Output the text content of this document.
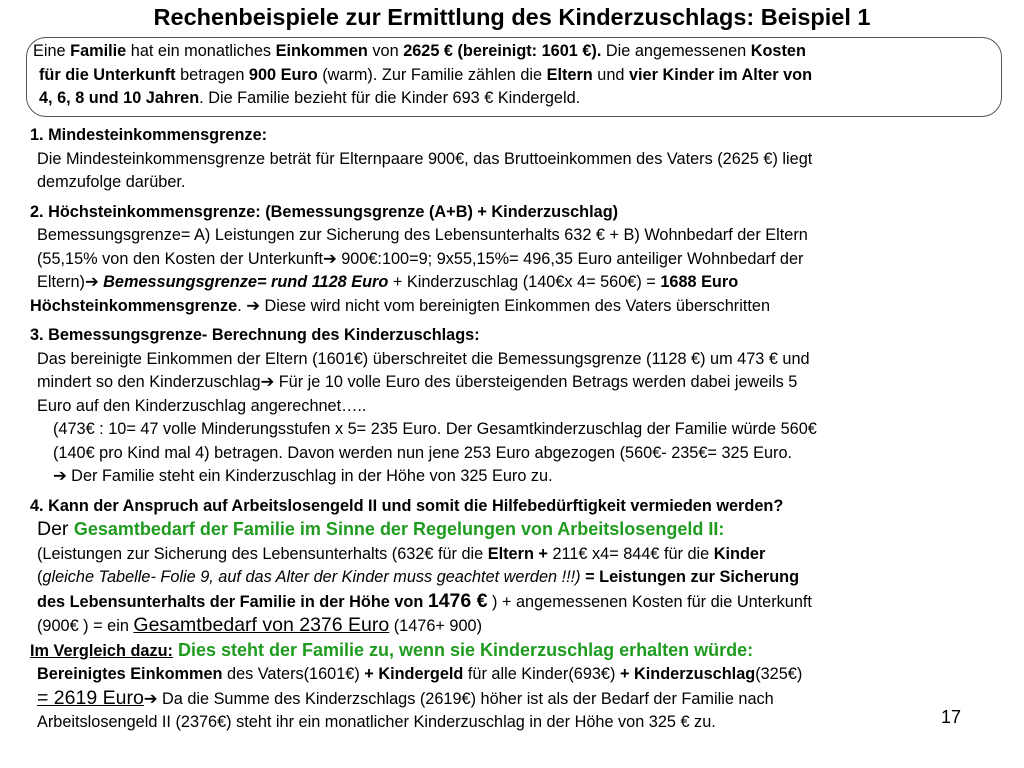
Rechenbeispiele zur Ermittlung des Kinderzuschlags: Beispiel 1
Eine Familie hat ein monatliches Einkommen von 2625 € (bereinigt: 1601 €). Die angemessenen Kosten
für die Unterkunft betragen 900 Euro (warm). Zur Familie zählen die Eltern und vier Kinder im Alter von
4, 6, 8 und 10 Jahren. Die Familie bezieht für die Kinder 693 € Kindergeld.
1. Mindesteinkommensgrenze:
Die Mindesteinkommensgrenze beträt für Elternpaare 900€, das Bruttoeinkommen des Vaters (2625 €) liegt
demzufolge darüber.
2. Höchsteinkommensgrenze: (Bemessungsgrenze (A+B) + Kinderzuschlag)
Bemessungsgrenze= A) Leistungen zur Sicherung des Lebensunterhalts 632 € + B) Wohnbedarf der Eltern
(55,15% von den Kosten der Unterkunft➔ 900€:100=9; 9x55,15%= 496,35 Euro anteiliger Wohnbedarf der
Eltern)➔ Bemessungsgrenze= rund 1128 Euro + Kinderzuschlag (140€x 4= 560€) = 1688 Euro
Höchsteinkommensgrenze. ➔ Diese wird nicht vom bereinigten Einkommen des Vaters überschritten
3. Bemessungsgrenze- Berechnung des Kinderzuschlags:
Das bereinigte Einkommen der Eltern (1601€) überschreitet die Bemessungsgrenze (1128 €) um 473 € und
mindert so den Kinderzuschlag➔ Für je 10 volle Euro des übersteigenden Betrags werden dabei jeweils 5
Euro auf den Kinderzuschlag angerechnet…..
(473€ : 10= 47 volle Minderungsstufen x 5= 235 Euro. Der Gesamtkinderzuschlag der Familie würde 560€
(140€ pro Kind mal 4) betragen. Davon werden nun jene 253 Euro abgezogen (560€- 235€= 325 Euro.
➔ Der Familie steht ein Kinderzuschlag in der Höhe von 325 Euro zu.
4. Kann der Anspruch auf Arbeitslosengeld II und somit die Hilfebedürftigkeit vermieden werden?
Der Gesamtbedarf der Familie im Sinne der Regelungen von Arbeitslosengeld II:
(Leistungen zur Sicherung des Lebensunterhalts (632€ für die Eltern + 211€ x4= 844€ für die Kinder
(gleiche Tabelle- Folie 9, auf das Alter der Kinder muss geachtet werden !!!) = Leistungen zur Sicherung
des Lebensunterhalts der Familie in der Höhe von 1476 € ) + angemessenen Kosten für die Unterkunft
(900€ ) = ein Gesamtbedarf von 2376 Euro (1476+ 900)
Im Vergleich dazu: Dies steht der Familie zu, wenn sie Kinderzuschlag erhalten würde:
Bereinigtes Einkommen des Vaters(1601€) + Kindergeld für alle Kinder(693€) + Kinderzuschlag(325€)
= 2619 Euro➔ Da die Summe des Kinderzschlags (2619€) höher ist als der Bedarf der Familie nach
Arbeitslosengeld II (2376€) steht ihr ein monatlicher Kinderzuschlag in der Höhe von 325 € zu.	17
